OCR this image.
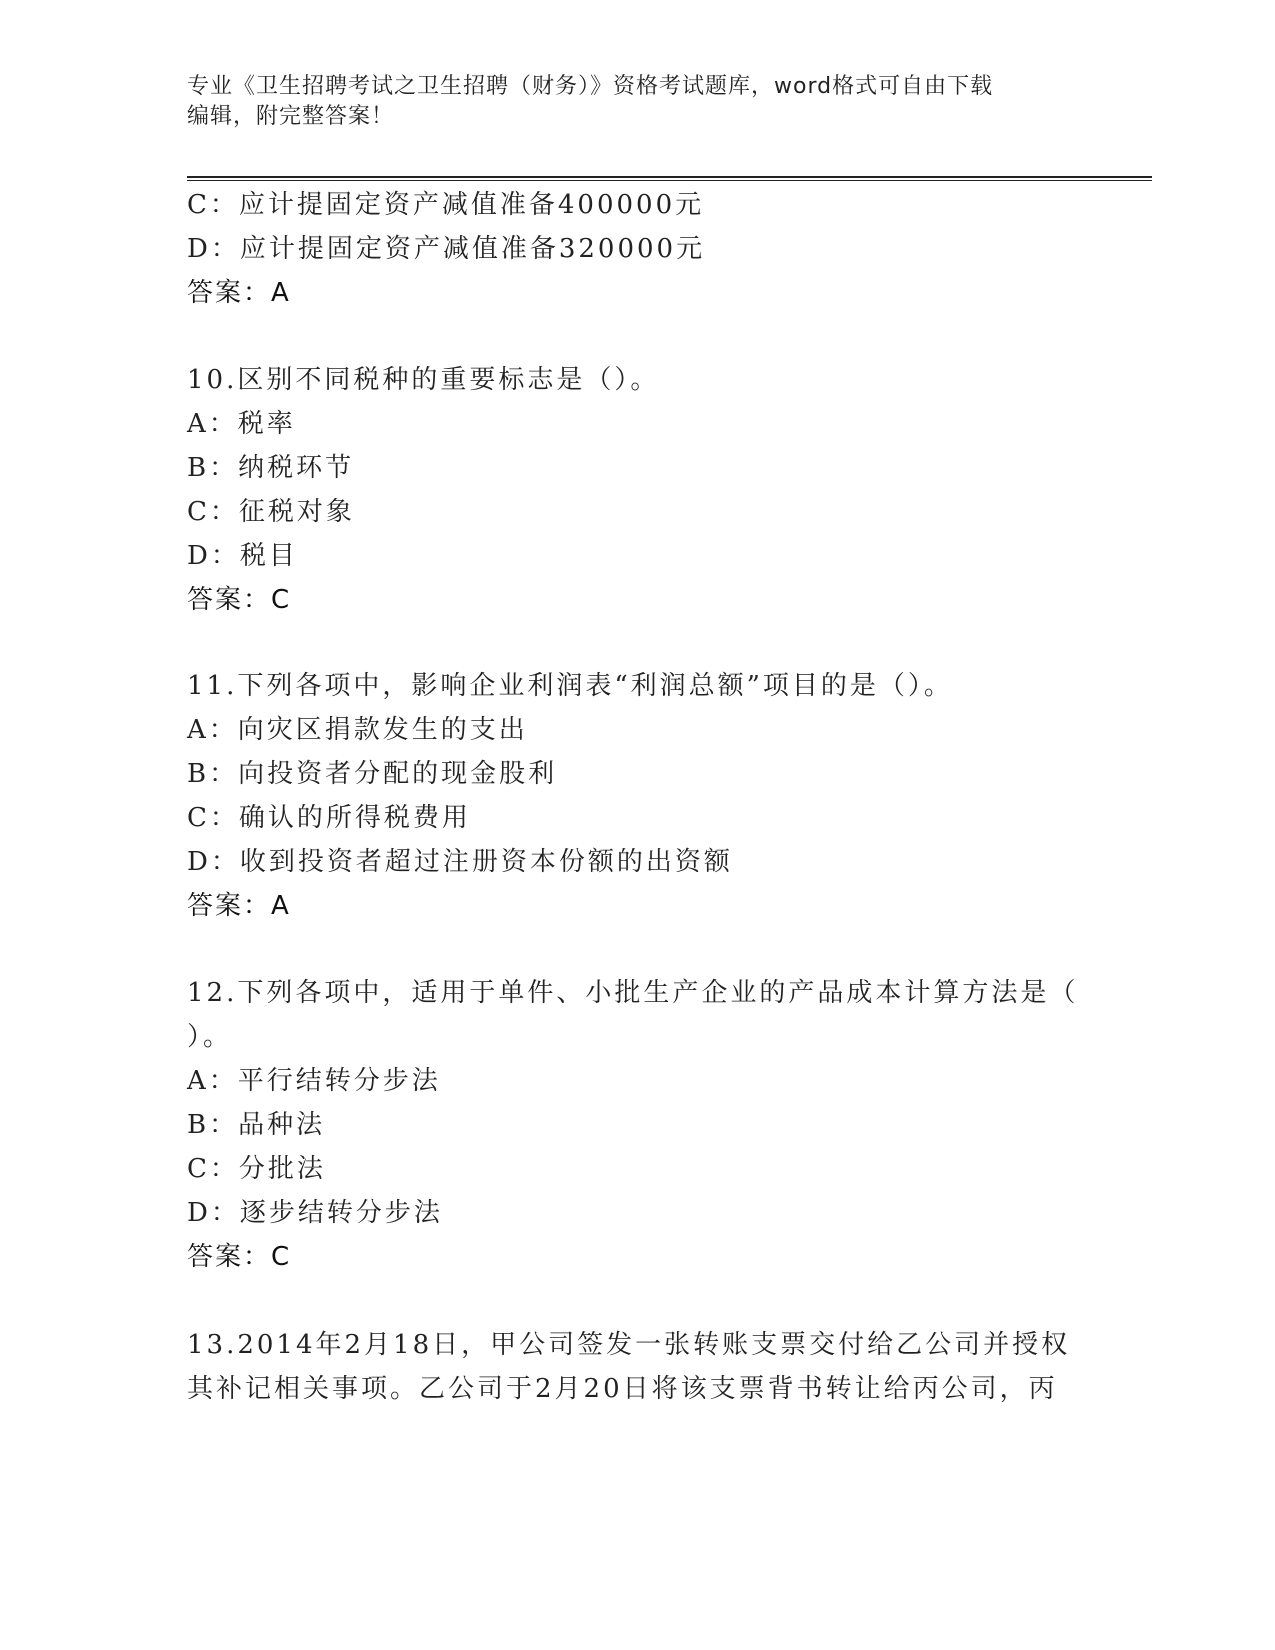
专业《卫生招聘考试之卫生招聘（财务）》资格考试题库，word格式可自由下载
编辑，附完整答案！
C：应计提固定资产减值准备400000元
D：应计提固定资产减值准备320000元
答案：A
10.区别不同税种的重要标志是（）。
A：税率
B：纳税环节
C：征税对象
D：税目
答案：C
11.下列各项中，影响企业利润表“利润总额”项目的是（）。
A：向灾区捐款发生的支出
B：向投资者分配的现金股利
C：确认的所得税费用
D：收到投资者超过注册资本份额的出资额
答案：A
12.下列各项中，适用于单件、小批生产企业的产品成本计算方法是（
）。
A：平行结转分步法
B：品种法
C：分批法
D：逐步结转分步法
答案：C
13.2014年2月18日，甲公司签发一张转账支票交付给乙公司并授权
其补记相关事项。乙公司于2月20日将该支票背书转让给丙公司，丙
